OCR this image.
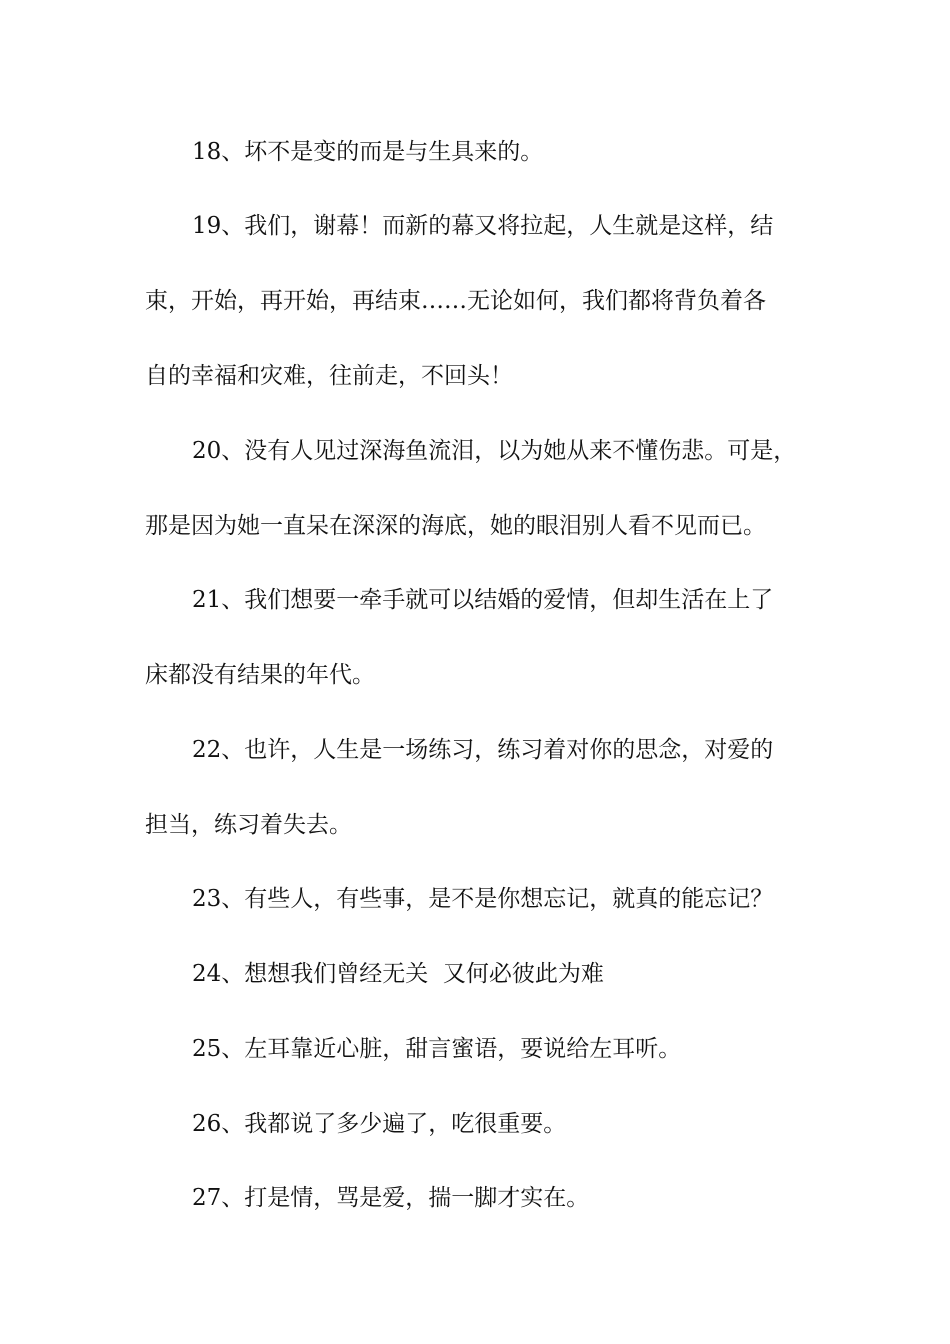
18、坏不是变的而是与生具来的。
19、我们，谢幕！而新的幕又将拉起，人生就是这样，结
束，开始，再开始，再结束……无论如何，我们都将背负着各
自的幸福和灾难，往前走，不回头！
20、没有人见过深海鱼流泪，以为她从来不懂伤悲。可是，
那是因为她一直呆在深深的海底，她的眼泪别人看不见而已。
21、我们想要一牵手就可以结婚的爱情，但却生活在上了
床都没有结果的年代。
22、也许，人生是一场练习，练习着对你的思念，对爱的
担当，练习着失去。
23、有些人，有些事，是不是你想忘记，就真的能忘记？
24、想想我们曾经无关  又何必彼此为难
25、左耳靠近心脏，甜言蜜语，要说给左耳听。
26、我都说了多少遍了，吃很重要。
27、打是情，骂是爱，揣一脚才实在。
